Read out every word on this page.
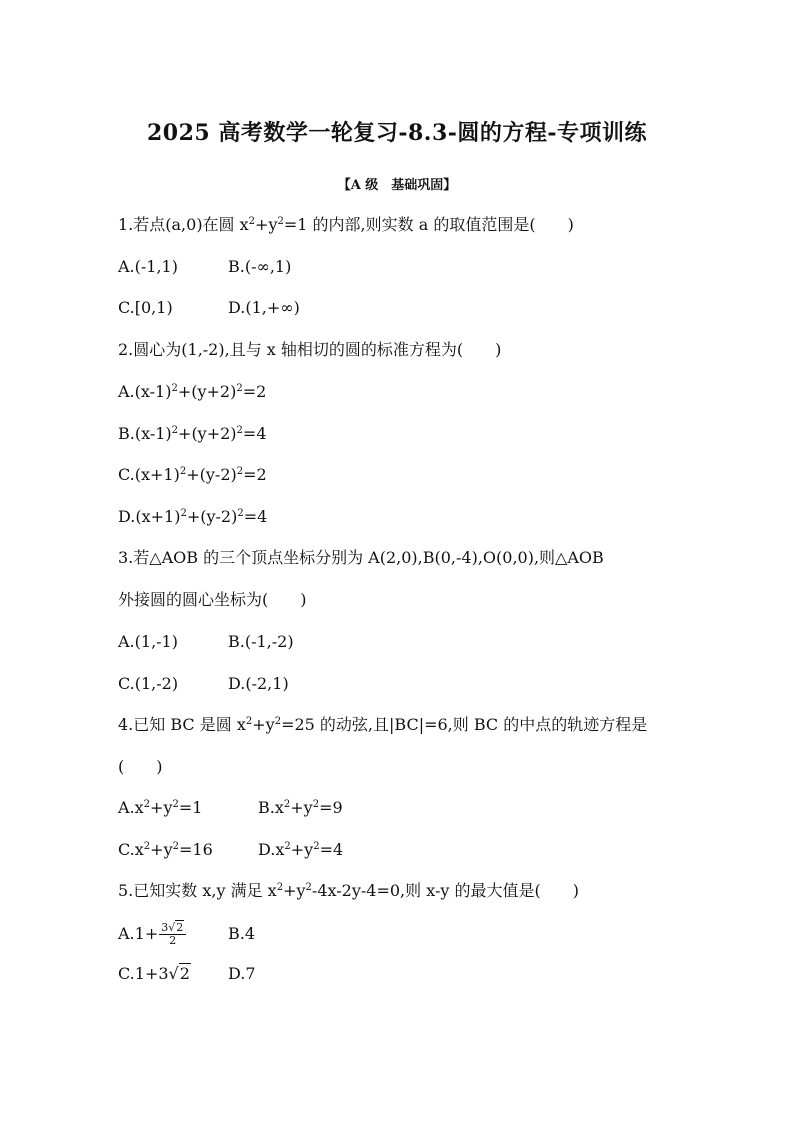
2025 高考数学一轮复习-8.3-圆的方程-专项训练
【A 级　基础巩固】
1.若点(a,0)在圆 $x^2+y^2=1$ 的内部,则实数 a 的取值范围是(　　)
A.(-1,1)	B.(-∞,1)
C.[0,1)	D.(1,+∞)
2.圆心为(1,-2),且与 x 轴相切的圆的标准方程为(　　)
$A.(x-1)^2+(y+2)^2=2$
$B.(x-1)^2+(y+2)^2=4$
$C.(x+1)^2+(y-2)^2=2$
$D.(x+1)^2+(y-2)^2=4$
3.若△AOB 的三个顶点坐标分别为 A(2,0),B(0,-4),O(0,0),则△AOB
外接圆的圆心坐标为(　　)
A.(1,-1)	B.(-1,-2)
C.(1,-2)	D.(-2,1)
4.已知 BC 是圆 $x^2+y^2=25$ 的动弦,且|BC|=6,则 BC 的中点的轨迹方程是
(　　)
$A.x^2+y^2=1$	$B.x^2+y^2=9$
$C.x^2+y^2=16$	$D.x^2+y^2=4$
5.已知实数 x,y 满足 $x^2+y^2-4x-2y-4=0$,则 x-y 的最大值是(　　)
$A.1+ \frac{3√2}{2}$	B.4
C.1+3√2 D.7
